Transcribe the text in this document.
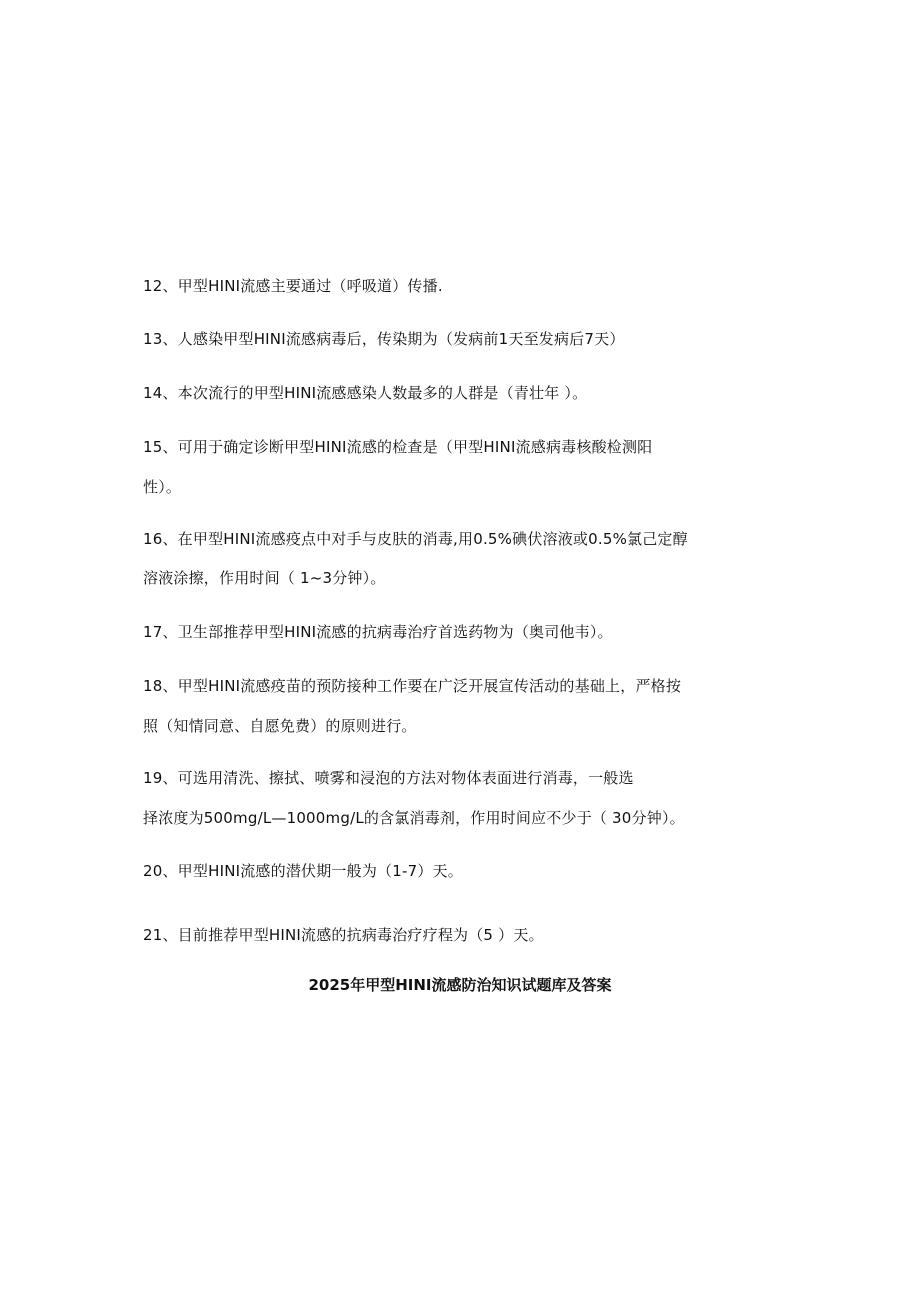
12、甲型HINI流感主要通过（呼吸道）传播.
13、人感染甲型HINI流感病毒后，传染期为（发病前1天至发病后7天）
14、本次流行的甲型HINI流感感染人数最多的人群是（青壮年 ）。
15、可用于确定诊断甲型HINI流感的检查是（甲型HINI流感病毒核酸检测阳
性）。
16、在甲型HINI流感疫点中对手与皮肤的消毒,用0.5%碘伏溶液或0.5%氯己定醇
溶液涂擦，作用时间（ 1~3分钟）。
17、卫生部推荐甲型HINI流感的抗病毒治疗首选药物为（奥司他韦）。
18、甲型HINI流感疫苗的预防接种工作要在广泛开展宣传活动的基础上，严格按
照（知情同意、自愿免费）的原则进行。
19、可选用清洗、擦拭、喷雾和浸泡的方法对物体表面进行消毒，一般选
择浓度为500mg/L—1000mg/L的含氯消毒剂，作用时间应不少于（ 30分钟）。
20、甲型HINI流感的潜伏期一般为（1-7）天。
21、目前推荐甲型HINI流感的抗病毒治疗疗程为（5 ）天。
2025年甲型HINI流感防治知识试题库及答案
